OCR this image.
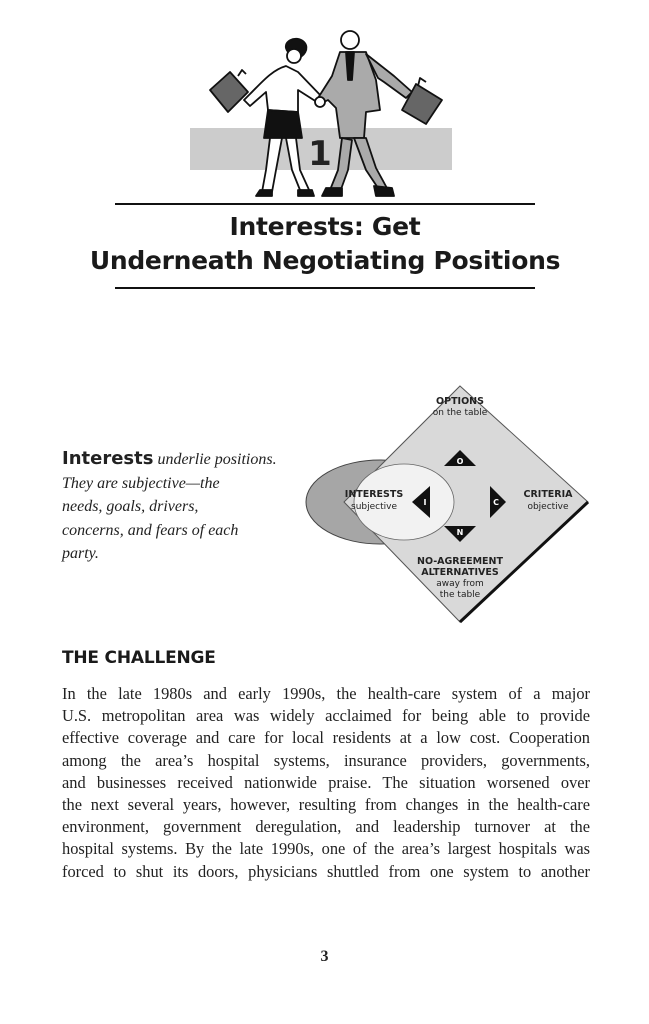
1
Interests: Get
Underneath Negotiating Positions
Interests underlie positions.
They are subjective—the
needs, goals, drivers,
concerns, and fears of each
party.
O
I	C
N
OPTIONS
on the table
INTERESTS
subjective
CRITERIA
objective
NO-AGREEMENT
ALTERNATIVES
away from
the table
THE CHALLENGE
In the late 1980s and early 1990s, the health-care system of a major
U.S. metropolitan area was widely acclaimed for being able to provide
effective coverage and care for local residents at a low cost. Cooperation
among the area’s hospital systems, insurance providers, governments,
and businesses received nationwide praise. The situation worsened over
the next several years, however, resulting from changes in the health-care
environment, government deregulation, and leadership turnover at the
hospital systems. By the late 1990s, one of the area’s largest hospitals was
forced to shut its doors, physicians shuttled from one system to another
3
